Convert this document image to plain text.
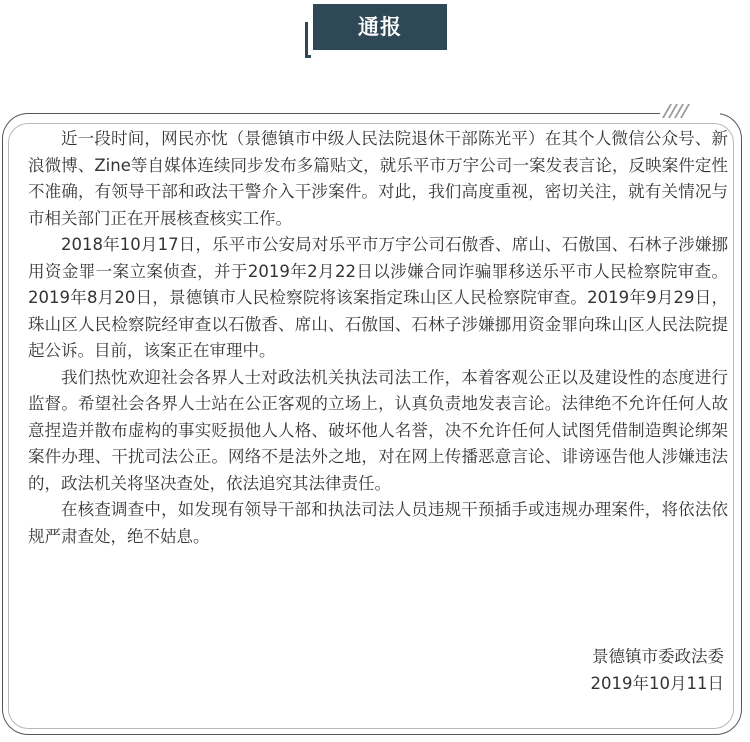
通报

近一段时间，网民亦忱（景德镇市中级人民法院退休干部陈光平）在其个人微信公众号、新浪微博、Zine等自媒体连续同步发布多篇贴文，就乐平市万宇公司一案发表言论，反映案件定性不准确，有领导干部和政法干警介入干涉案件。对此，我们高度重视，密切关注，就有关情况与市相关部门正在开展核查核实工作。

2018年10月17日，乐平市公安局对乐平市万宇公司石傲香、席山、石傲国、石林子涉嫌挪用资金罪一案立案侦查，并于2019年2月22日以涉嫌合同诈骗罪移送乐平市人民检察院审查。2019年8月20日，景德镇市人民检察院将该案指定珠山区人民检察院审查。2019年9月29日，珠山区人民检察院经审查以石傲香、席山、石傲国、石林子涉嫌挪用资金罪向珠山区人民法院提起公诉。目前，该案正在审理中。

我们热忱欢迎社会各界人士对政法机关执法司法工作，本着客观公正以及建设性的态度进行监督。希望社会各界人士站在公正客观的立场上，认真负责地发表言论。法律绝不允许任何人故意捏造并散布虚构的事实贬损他人人格、破坏他人名誉，决不允许任何人试图凭借制造舆论绑架案件办理、干扰司法公正。网络不是法外之地，对在网上传播恶意言论、诽谤诬告他人涉嫌违法的，政法机关将坚决查处，依法追究其法律责任。

在核查调查中，如发现有领导干部和执法司法人员违规干预插手或违规办理案件，将依法依规严肃查处，绝不姑息。

景德镇市委政法委
2019年10月11日
